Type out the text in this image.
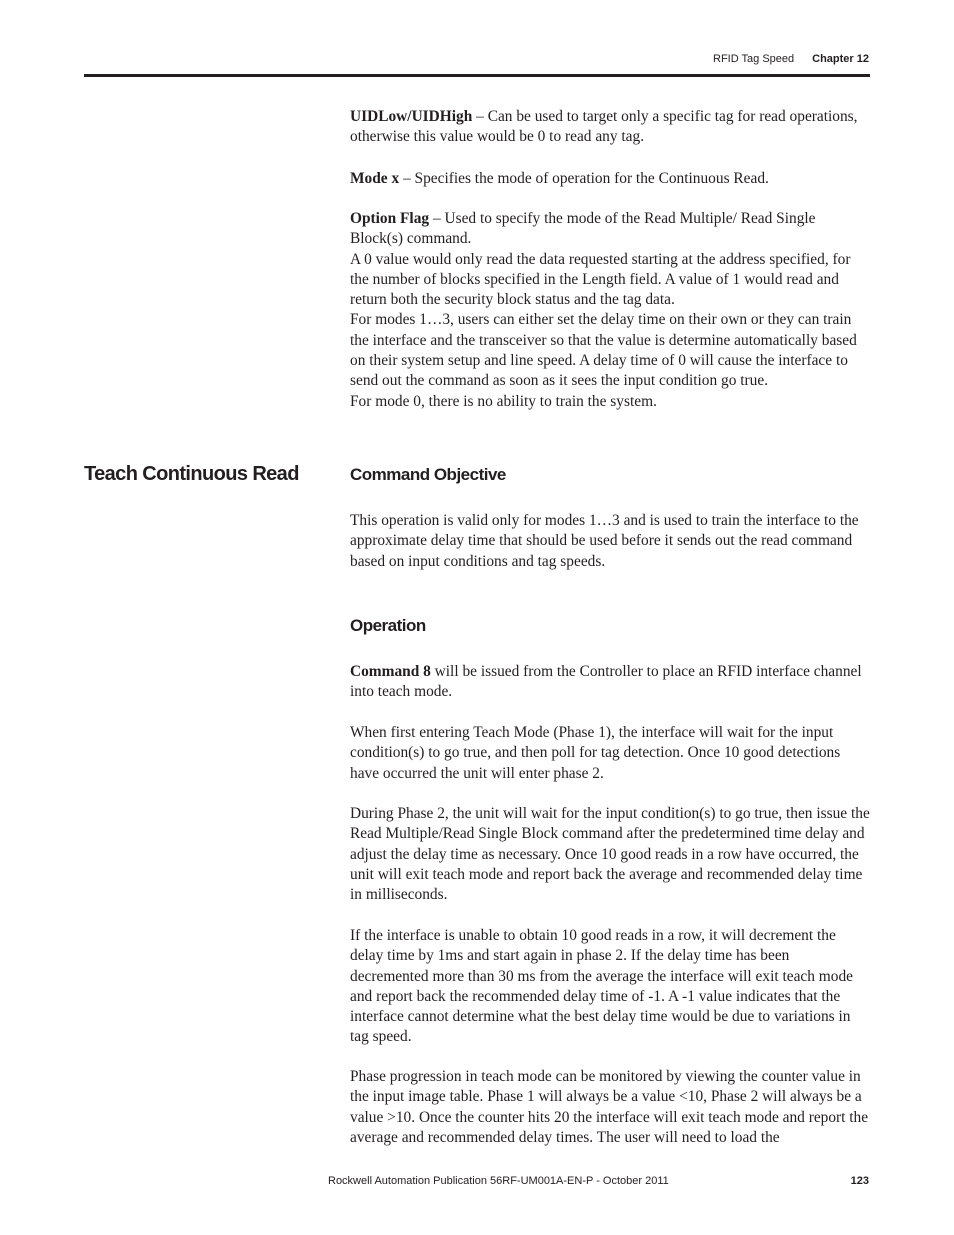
RFID Tag Speed Chapter 12

UIDLow/UIDHigh – Can be used to target only a specific tag for read operations, otherwise this value would be 0 to read any tag.

Mode x – Specifies the mode of operation for the Continuous Read.

Option Flag – Used to specify the mode of the Read Multiple/ Read Single Block(s) command.

A 0 value would only read the data requested starting at the address specified, for the number of blocks specified in the Length field. A value of 1 would read and return both the security block status and the tag data.

For modes 1…3, users can either set the delay time on their own or they can train the interface and the transceiver so that the value is determine automatically based on their system setup and line speed. A delay time of 0 will cause the interface to send out the command as soon as it sees the input condition go true.

For mode 0, there is no ability to train the system.

Teach Continuous Read	Command Objective

This operation is valid only for modes 1…3 and is used to train the interface to the approximate delay time that should be used before it sends out the read command based on input conditions and tag speeds.

Operation

Command 8 will be issued from the Controller to place an RFID interface channel into teach mode.

When first entering Teach Mode (Phase 1), the interface will wait for the input condition(s) to go true, and then poll for tag detection. Once 10 good detections have occurred the unit will enter phase 2.

During Phase 2, the unit will wait for the input condition(s) to go true, then issue the Read Multiple/Read Single Block command after the predetermined time delay and adjust the delay time as necessary. Once 10 good reads in a row have occurred, the unit will exit teach mode and report back the average and recommended delay time in milliseconds.

If the interface is unable to obtain 10 good reads in a row, it will decrement the delay time by 1ms and start again in phase 2. If the delay time has been decremented more than 30 ms from the average the interface will exit teach mode and report back the recommended delay time of -1. A -1 value indicates that the interface cannot determine what the best delay time would be due to variations in tag speed.

Phase progression in teach mode can be monitored by viewing the counter value in the input image table. Phase 1 will always be a value <10, Phase 2 will always be a value >10. Once the counter hits 20 the interface will exit teach mode and report the average and recommended delay times. The user will need to load the

Rockwell Automation Publication 56RF-UM001A-EN-P - October 2011	123
